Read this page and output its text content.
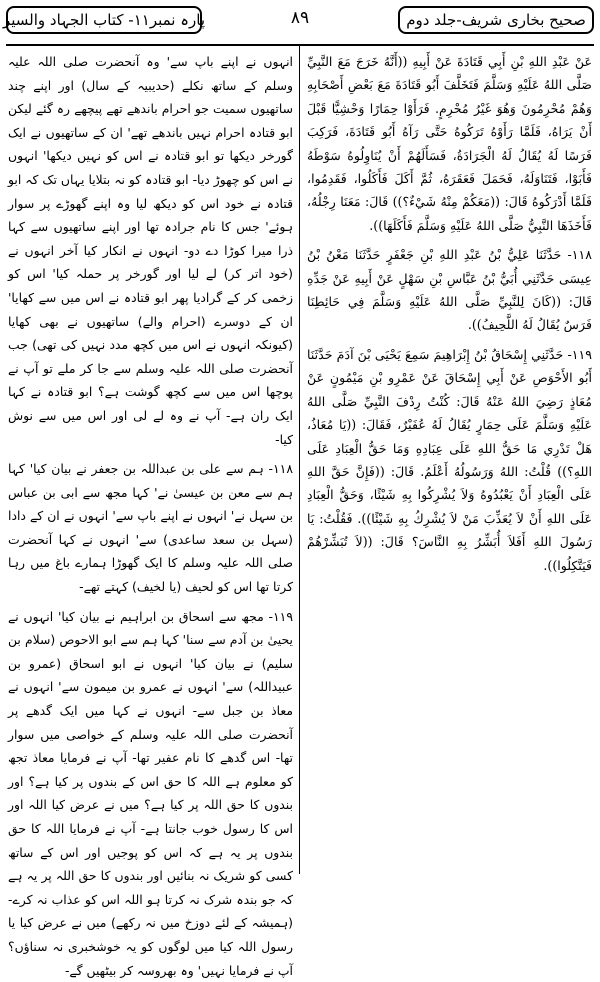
صحیح بخاری شریف-جلد دوم
۸۹
پارہ نمبر۱۱- کتاب الجہاد والسیر

عَنْ عَبْدِ اللهِ بْنِ أَبِي قَتَادَةَ عَنْ أَبِيهِ ((أَنَّهُ خَرَجَ مَعَ النَّبِيِّ صَلَّى اللهُ عَلَيْهِ وَسَلَّمَ فَتَخَلَّفَ أَبُو قَتَادَةَ مَعَ بَعْضِ أَصْحَابِهِ وَهُمْ مُحْرِمُونَ وَهُوَ غَيْرُ مُحْرِمٍ. فَرَأَوْا حِمَارًا وَحْشِيًّا قَبْلَ أَنْ يَرَاهُ، فَلَمَّا رَأَوْهُ تَرَكُوهُ حَتَّى رَآهُ أَبُو قَتَادَةَ، فَرَكِبَ فَرَسًا لَهُ يُقَالُ لَهُ الْجَرَادَةُ، فَسَأَلَهُمْ أَنْ يُنَاوِلُوهُ سَوْطَهُ فَأَبَوْا، فَتَنَاوَلَهُ، فَحَمَلَ فَعَقَرَهُ، ثُمَّ أَكَلَ فَأَكَلُوا، فَقَدِمُوا، فَلَمَّا أَدْرَكُوهُ قَالَ: ((مَعَكُمْ مِنْهُ شَيْءٌ؟)) قَالَ: مَعَنَا رِجْلُهُ، فَأَخَذَهَا النَّبِيُّ صَلَّى اللهُ عَلَيْهِ وَسَلَّمَ فَأَكَلَهَا)).

۱۱۸- حَدَّثَنَا عَلِيُّ بْنُ عَبْدِ اللهِ بْنِ جَعْفَرٍ حَدَّثَنَا مَعْنُ بْنُ عِيسَى حَدَّثَنِي أُبَيُّ بْنُ عَبَّاسِ بْنِ سَهْلٍ عَنْ أَبِيهِ عَنْ جَدِّهِ قَالَ: ((كَانَ لِلنَّبِيِّ صَلَّى اللهُ عَلَيْهِ وَسَلَّمَ فِي حَائِطِنَا فَرَسٌ يُقَالُ لَهُ اللَّحِيفُ)).

۱۱۹- حَدَّثَنِي إِسْحَاقُ بْنُ إِبْرَاهِيمَ سَمِعَ يَحْيَى بْنَ آدَمَ حَدَّثَنَا أَبُو الأَحْوَصِ عَنْ أَبِي إِسْحَاقَ عَنْ عَمْرِو بْنِ مَيْمُونٍ عَنْ مُعَاذٍ رَضِيَ اللهُ عَنْهُ قَالَ: كُنْتُ رِدْفَ النَّبِيِّ صَلَّى اللهُ عَلَيْهِ وَسَلَّمَ عَلَى حِمَارٍ يُقَالُ لَهُ عُفَيْرٌ، فَقَالَ: ((يَا مُعَاذُ، هَلْ تَدْرِي مَا حَقُّ اللهِ عَلَى عِبَادِهِ وَمَا حَقُّ الْعِبَادِ عَلَى اللهِ؟)) قُلْتُ: اللهُ وَرَسُولُهُ أَعْلَمُ. قَالَ: ((فَإِنَّ حَقَّ اللهِ عَلَى الْعِبَادِ أَنْ يَعْبُدُوهُ وَلاَ يُشْرِكُوا بِهِ شَيْئًا، وَحَقُّ الْعِبَادِ عَلَى اللهِ أَنْ لاَ يُعَذِّبَ مَنْ لاَ يُشْرِكُ بِهِ شَيْئًا)). فَقُلْتُ: يَا رَسُولَ اللهِ أَفَلاَ أُبَشِّرُ بِهِ النَّاسَ؟ قَالَ: ((لاَ تُبَشِّرْهُمْ فَيَتَّكِلُوا)).

انہوں نے اپنے باپ سے' وہ آنحضرت صلی اللہ علیہ وسلم کے ساتھ نکلے (حدیبیہ کے سال) اور اپنے چند ساتھیوں سمیت جو احرام باندھے تھے پیچھے رہ گئے لیکن ابو قتادہ احرام نہیں باندھے تھے' ان کے ساتھیوں نے ایک گورخر دیکھا تو ابو قتادہ نے اس کو نہیں دیکھا' انہوں نے اس کو چھوڑ دیا- ابو قتادہ کو نہ بتلایا یہاں تک کہ ابو قتادہ نے خود اس کو دیکھ لیا وہ اپنے گھوڑے پر سوار ہوئے' جس کا نام جرادہ تھا اور اپنے ساتھیوں سے کہا ذرا میرا کوڑا دے دو- انہوں نے انکار کیا آخر انہوں نے (خود اتر کر) لے لیا اور گورخر پر حملہ کیا' اس کو زخمی کر کے گرادیا پھر ابو قتادہ نے اس میں سے کھایا' ان کے دوسرے (احرام والے) ساتھیوں نے بھی کھایا (کیونکہ انہوں نے اس میں کچھ مدد نہیں کی تھی) جب آنحضرت صلی اللہ علیہ وسلم سے جا کر ملے تو آپ نے پوچھا اس میں سے کچھ گوشت ہے؟ ابو قتادہ نے کہا ایک ران ہے- آپ نے وہ لے لی اور اس میں سے نوش کیا-

۱۱۸- ہم سے علی بن عبداللہ بن جعفر نے بیان کیا' کہا ہم سے معن بن عیسیٰ نے' کہا مجھ سے ابی بن عباس بن سہل نے' انہوں نے اپنے باپ سے' انہوں نے ان کے دادا (سہل بن سعد ساعدی) سے' انہوں نے کہا آنحضرت صلی اللہ علیہ وسلم کا ایک گھوڑا ہمارے باغ میں رہا کرتا تھا اس کو لحیف (یا لخیف) کہتے تھے-

۱۱۹- مجھ سے اسحاق بن ابراہیم نے بیان کیا' انہوں نے یحییٰ بن آدم سے سنا' کہا ہم سے ابو الاحوص (سلام بن سلیم) نے بیان کیا' انہوں نے ابو اسحاق (عمرو بن عبیداللہ) سے' انہوں نے عمرو بن میمون سے' انہوں نے معاذ بن جبل سے- انہوں نے کہا میں ایک گدھے پر آنحضرت صلی اللہ علیہ وسلم کے خواصی میں سوار تھا- اس گدھے کا نام عفیر تھا- آپ نے فرمایا معاذ تجھ کو معلوم ہے اللہ کا حق اس کے بندوں پر کیا ہے؟ اور بندوں کا حق اللہ پر کیا ہے؟ میں نے عرض کیا اللہ اور اس کا رسول خوب جانتا ہے- آپ نے فرمایا اللہ کا حق بندوں پر یہ ہے کہ اس کو پوجیں اور اس کے ساتھ کسی کو شریک نہ بنائیں اور بندوں کا حق اللہ پر یہ ہے کہ جو بندہ شرک نہ کرتا ہو اللہ اس کو عذاب نہ کرے- (ہمیشہ کے لئے دوزخ میں نہ رکھے) میں نے عرض کیا یا رسول اللہ کیا میں لوگوں کو یہ خوشخبری نہ سناؤں؟ آپ نے فرمایا نہیں' وہ بھروسہ کر بیٹھیں گے-
